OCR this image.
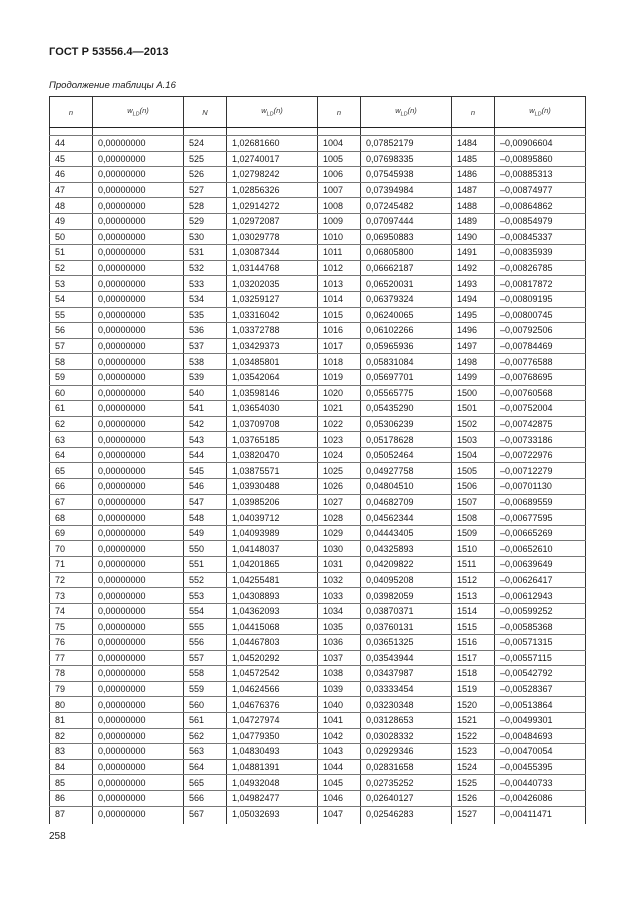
ГОСТ Р 53556.4—2013
Продолжение таблицы А.16
n	$w_{LD}(n)$	N	$w_{LD}(n)$	n	$w_{LD}(n)$	n	$w_{LD}(n)$

44	0,00000000	524	1,02681660	1004	0,07852179	1484	–0,00906604
45	0,00000000	525	1,02740017	1005	0,07698335	1485	–0,00895860
46	0,00000000	526	1,02798242	1006	0,07545938	1486	–0,00885313
47	0,00000000	527	1,02856326	1007	0,07394984	1487	–0,00874977
48	0,00000000	528	1,02914272	1008	0,07245482	1488	–0,00864862
49	0,00000000	529	1,02972087	1009	0,07097444	1489	–0,00854979
50	0,00000000	530	1,03029778	1010	0,06950883	1490	–0,00845337
51	0,00000000	531	1,03087344	1011	0,06805800	1491	–0,00835939
52	0,00000000	532	1,03144768	1012	0,06662187	1492	–0,00826785
53	0,00000000	533	1,03202035	1013	0,06520031	1493	–0,00817872
54	0,00000000	534	1,03259127	1014	0,06379324	1494	–0,00809195
55	0,00000000	535	1,03316042	1015	0,06240065	1495	–0,00800745
56	0,00000000	536	1,03372788	1016	0,06102266	1496	–0,00792506
57	0,00000000	537	1,03429373	1017	0,05965936	1497	–0,00784469
58	0,00000000	538	1,03485801	1018	0,05831084	1498	–0,00776588
59	0,00000000	539	1,03542064	1019	0,05697701	1499	–0,00768695
60	0,00000000	540	1,03598146	1020	0,05565775	1500	–0,00760568
61	0,00000000	541	1,03654030	1021	0,05435290	1501	–0,00752004
62	0,00000000	542	1,03709708	1022	0,05306239	1502	–0,00742875
63	0,00000000	543	1,03765185	1023	0,05178628	1503	–0,00733186
64	0,00000000	544	1,03820470	1024	0,05052464	1504	–0,00722976
65	0,00000000	545	1,03875571	1025	0,04927758	1505	–0,00712279
66	0,00000000	546	1,03930488	1026	0,04804510	1506	–0,00701130
67	0,00000000	547	1,03985206	1027	0,04682709	1507	–0,00689559
68	0,00000000	548	1,04039712	1028	0,04562344	1508	–0,00677595
69	0,00000000	549	1,04093989	1029	0,04443405	1509	–0,00665269
70	0,00000000	550	1,04148037	1030	0,04325893	1510	–0,00652610
71	0,00000000	551	1,04201865	1031	0,04209822	1511	–0,00639649
72	0,00000000	552	1,04255481	1032	0,04095208	1512	–0,00626417
73	0,00000000	553	1,04308893	1033	0,03982059	1513	–0,00612943
74	0,00000000	554	1,04362093	1034	0,03870371	1514	–0,00599252
75	0,00000000	555	1,04415068	1035	0,03760131	1515	–0,00585368
76	0,00000000	556	1,04467803	1036	0,03651325	1516	–0,00571315
77	0,00000000	557	1,04520292	1037	0,03543944	1517	–0,00557115
78	0,00000000	558	1,04572542	1038	0,03437987	1518	–0,00542792
79	0,00000000	559	1,04624566	1039	0,03333454	1519	–0,00528367
80	0,00000000	560	1,04676376	1040	0,03230348	1520	–0,00513864
81	0,00000000	561	1,04727974	1041	0,03128653	1521	–0,00499301
82	0,00000000	562	1,04779350	1042	0,03028332	1522	–0,00484693
83	0,00000000	563	1,04830493	1043	0,02929346	1523	–0,00470054
84	0,00000000	564	1,04881391	1044	0,02831658	1524	–0,00455395
85	0,00000000	565	1,04932048	1045	0,02735252	1525	–0,00440733
86	0,00000000	566	1,04982477	1046	0,02640127	1526	–0,00426086
87	0,00000000	567	1,05032693	1047	0,02546283	1527	–0,00411471
258
